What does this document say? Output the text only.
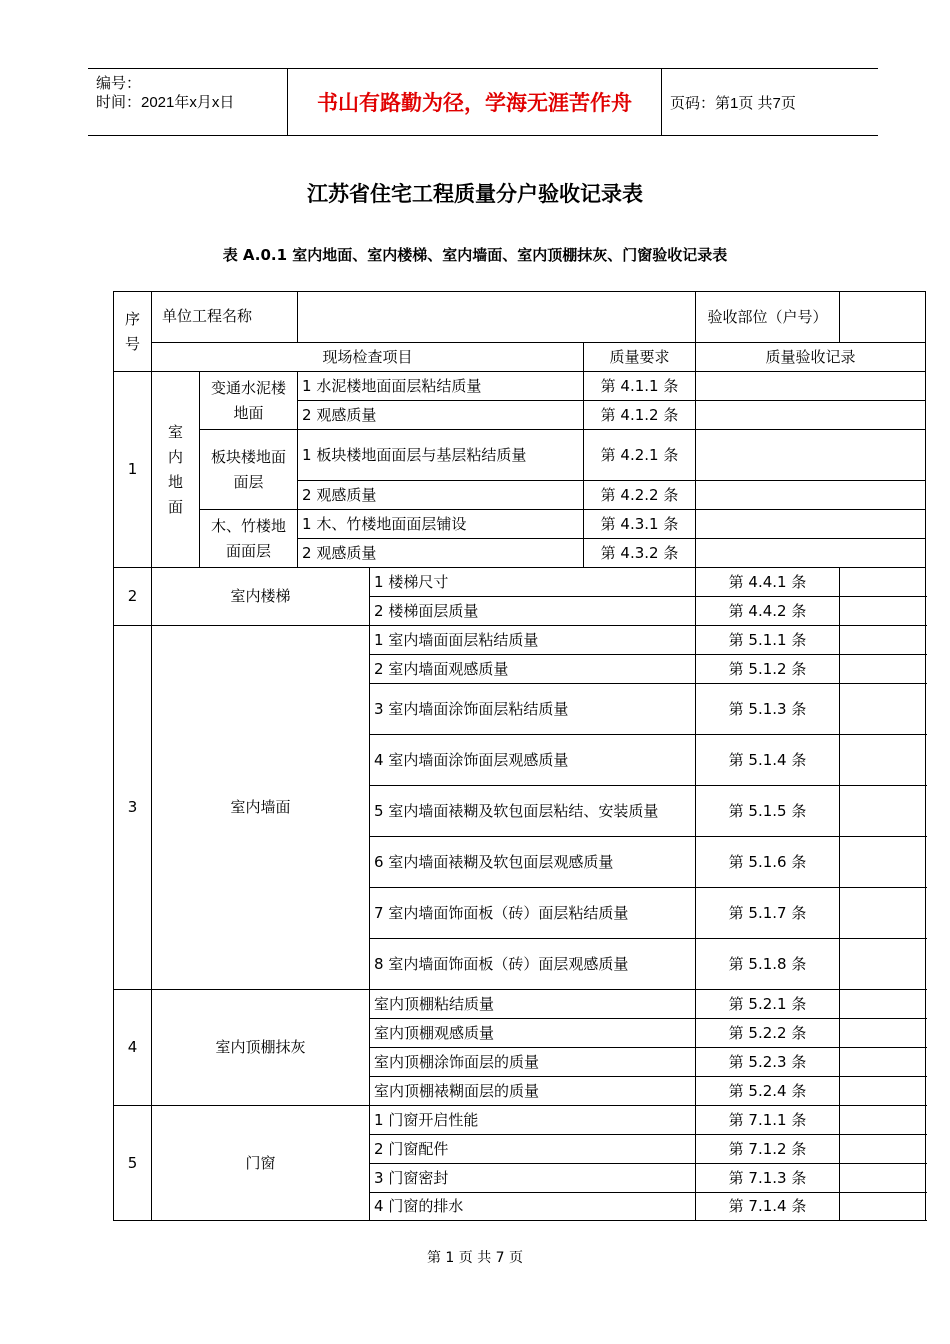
编号：
时间：2021年x月x日	书山有路勤为径，学海无涯苦作舟	页码：第1页 共7页
江苏省住宅工程质量分户验收记录表
表 A.0.1 室内地面、室内楼梯、室内墙面、室内顶棚抹灰、门窗验收记录表
序号	单位工程名称					验收部位（户号）	
	现场检查项目				质量要求	质量验收记录	
1	室内地面	变通水泥楼地面	1 水泥楼地面面层粘结质量		第 4.1.1 条		
			2 观感质量		第 4.1.2 条		
		板块楼地面面层	1 板块楼地面面层与基层粘结质量		第 4.2.1 条		
			2 观感质量		第 4.2.2 条		
		木、竹楼地面面层	1 木、竹楼地面面层铺设		第 4.3.1 条		
			2 观感质量		第 4.3.2 条		
2	室内楼梯			1 楼梯尺寸		第 4.4.1 条	
				2 楼梯面层质量		第 4.4.2 条	
3	室内墙面			1 室内墙面面层粘结质量		第 5.1.1 条	
				2 室内墙面观感质量		第 5.1.2 条	
				3 室内墙面涂饰面层粘结质量		第 5.1.3 条	
				4 室内墙面涂饰面层观感质量		第 5.1.4 条	
				5 室内墙面裱糊及软包面层粘结、安装质量		第 5.1.5 条	
				6 室内墙面裱糊及软包面层观感质量		第 5.1.6 条	
				7 室内墙面饰面板（砖）面层粘结质量		第 5.1.7 条	
				8 室内墙面饰面板（砖）面层观感质量		第 5.1.8 条	
4	室内顶棚抹灰			室内顶棚粘结质量		第 5.2.1 条	
				室内顶棚观感质量		第 5.2.2 条	
				室内顶棚涂饰面层的质量		第 5.2.3 条	
				室内顶棚裱糊面层的质量		第 5.2.4 条	
5	门窗			1 门窗开启性能		第 7.1.1 条	
				2 门窗配件		第 7.1.2 条	
				3 门窗密封		第 7.1.3 条	
				4 门窗的排水		第 7.1.4 条	
第 1 页 共 7 页
